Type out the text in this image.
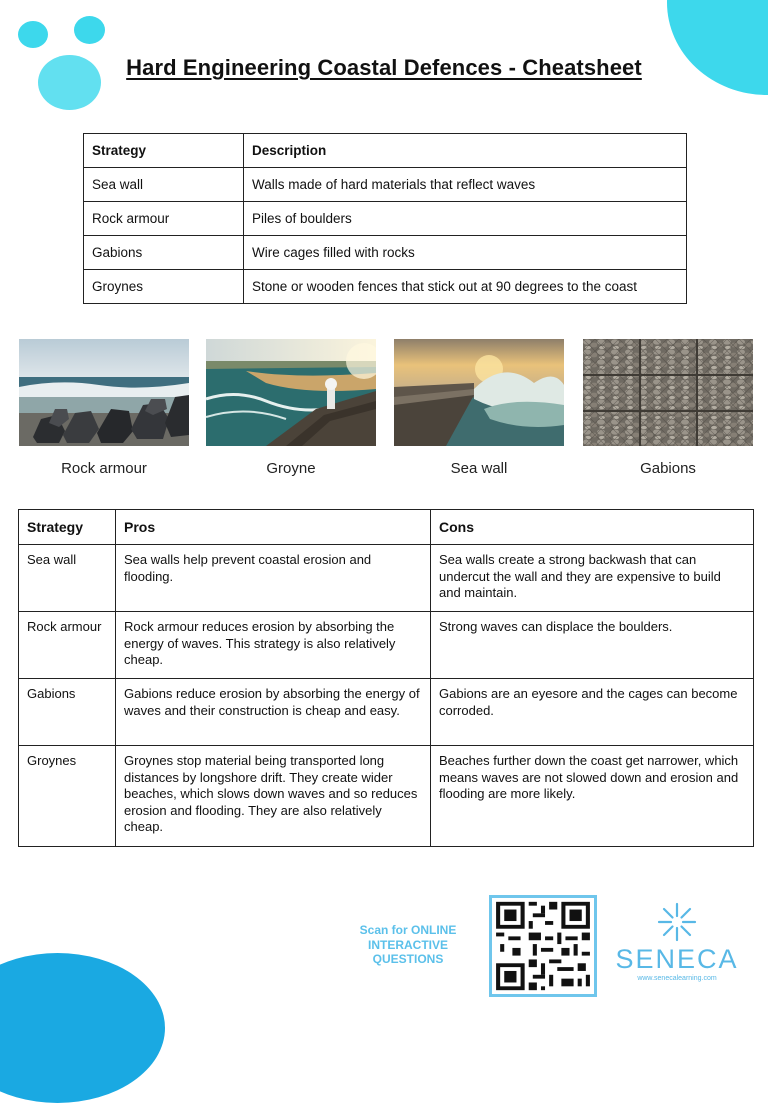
Hard Engineering Coastal Defences - Cheatsheet
Strategy	Description
Sea wall	Walls made of hard materials that reflect waves
Rock armour	Piles of boulders
Gabions	Wire cages filled with rocks
Groynes	Stone or wooden fences that stick out at 90 degrees to the coast
Rock armour	Groyne	Sea wall	Gabions
Strategy	Pros	Cons
Sea wall	Sea walls help prevent coastal erosion and flooding.	Sea walls create a strong backwash that can undercut the wall and they are expensive to build and maintain.
Rock armour	Rock armour reduces erosion by absorbing the energy of waves. This strategy is also relatively cheap.	Strong waves can displace the boulders.
Gabions	Gabions reduce erosion by absorbing the energy of waves and their construction is cheap and easy.	Gabions are an eyesore and the cages can become corroded.
Groynes	Groynes stop material being transported long distances by longshore drift. They create wider beaches, which slows down waves and so reduces erosion and flooding. They are also relatively cheap.	Beaches further down the coast get narrower, which means waves are not slowed down and erosion and flooding are more likely.
Scan for ONLINE INTERACTIVE QUESTIONS	SENECA
www.senecalearning.com
